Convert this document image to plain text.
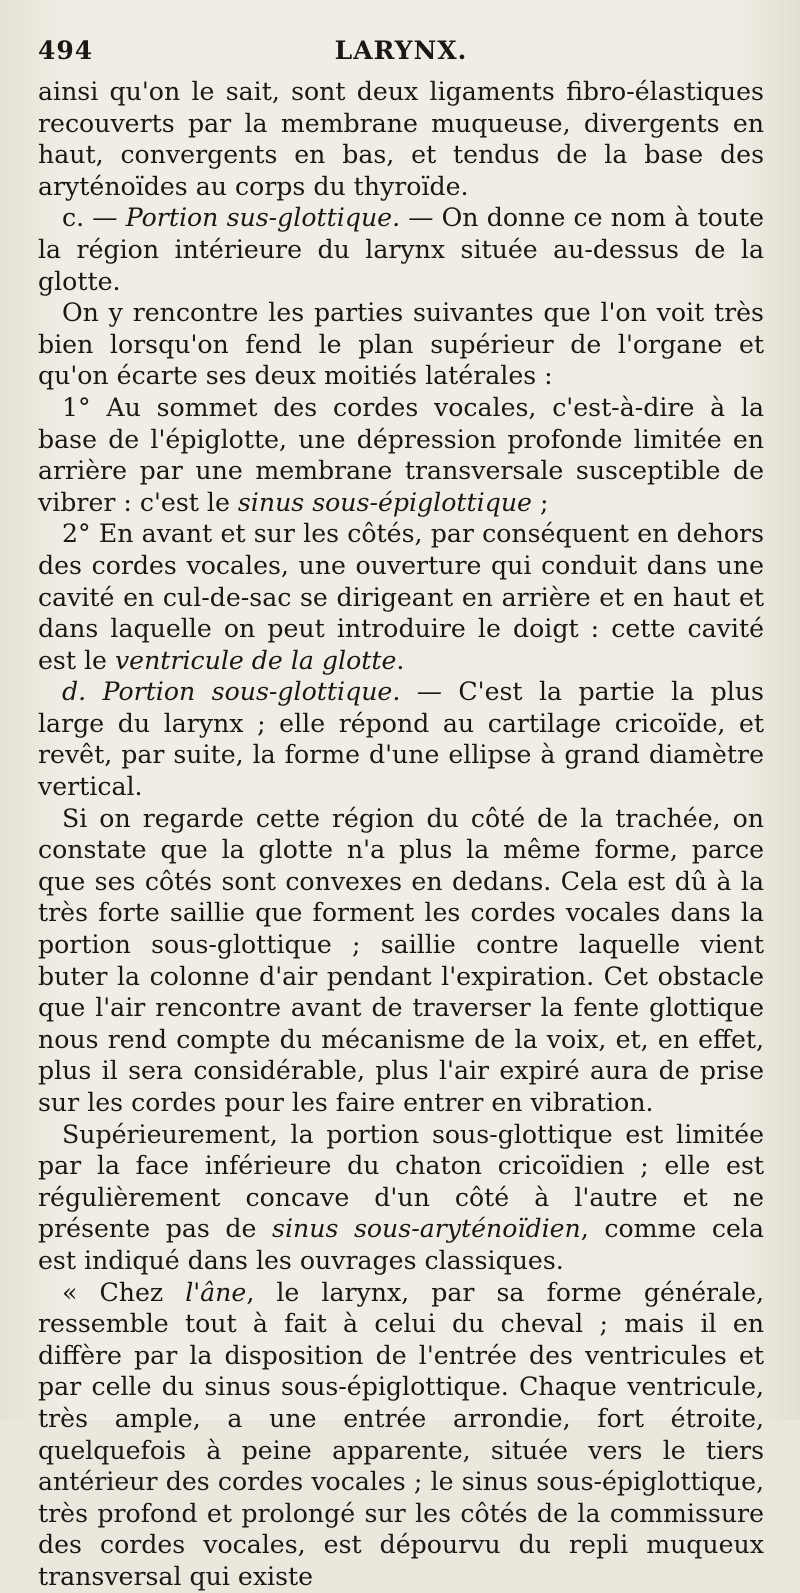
494	LARYNX.

ainsi qu'on le sait, sont deux ligaments fibro-élastiques recouverts par la membrane muqueuse, divergents en haut, convergents en bas, et tendus de la base des aryténoïdes au corps du thyroïde.

c. — Portion sus-glottique. — On donne ce nom à toute la région intérieure du larynx située au-dessus de la glotte.

On y rencontre les parties suivantes que l'on voit très bien lorsqu'on fend le plan supérieur de l'organe et qu'on écarte ses deux moitiés latérales :

1° Au sommet des cordes vocales, c'est-à-dire à la base de l'épiglotte, une dépression profonde limitée en arrière par une membrane transversale susceptible de vibrer : c'est le sinus sous-épiglottique ;

2° En avant et sur les côtés, par conséquent en dehors des cordes vocales, une ouverture qui conduit dans une cavité en cul-de-sac se dirigeant en arrière et en haut et dans laquelle on peut introduire le doigt : cette cavité est le ventricule de la glotte.

d. Portion sous-glottique. — C'est la partie la plus large du larynx ; elle répond au cartilage cricoïde, et revêt, par suite, la forme d'une ellipse à grand diamètre vertical.

Si on regarde cette région du côté de la trachée, on constate que la glotte n'a plus la même forme, parce que ses côtés sont convexes en dedans. Cela est dû à la très forte saillie que forment les cordes vocales dans la portion sous-glottique ; saillie contre laquelle vient buter la colonne d'air pendant l'expiration. Cet obstacle que l'air rencontre avant de traverser la fente glottique nous rend compte du mécanisme de la voix, et, en effet, plus il sera considérable, plus l'air expiré aura de prise sur les cordes pour les faire entrer en vibration.

Supérieurement, la portion sous-glottique est limitée par la face inférieure du chaton cricoïdien ; elle est régulièrement concave d'un côté à l'autre et ne présente pas de sinus sous-aryténoïdien, comme cela est indiqué dans les ouvrages classiques.

« Chez l'âne, le larynx, par sa forme générale, ressemble tout à fait à celui du cheval ; mais il en diffère par la disposition de l'entrée des ventricules et par celle du sinus sous-épiglottique. Chaque ventricule, très ample, a une entrée arrondie, fort étroite, quelquefois à peine apparente, située vers le tiers antérieur des cordes vocales ; le sinus sous-épiglottique, très profond et prolongé sur les côtés de la commissure des cordes vocales, est dépourvu du repli muqueux transversal qui existe
